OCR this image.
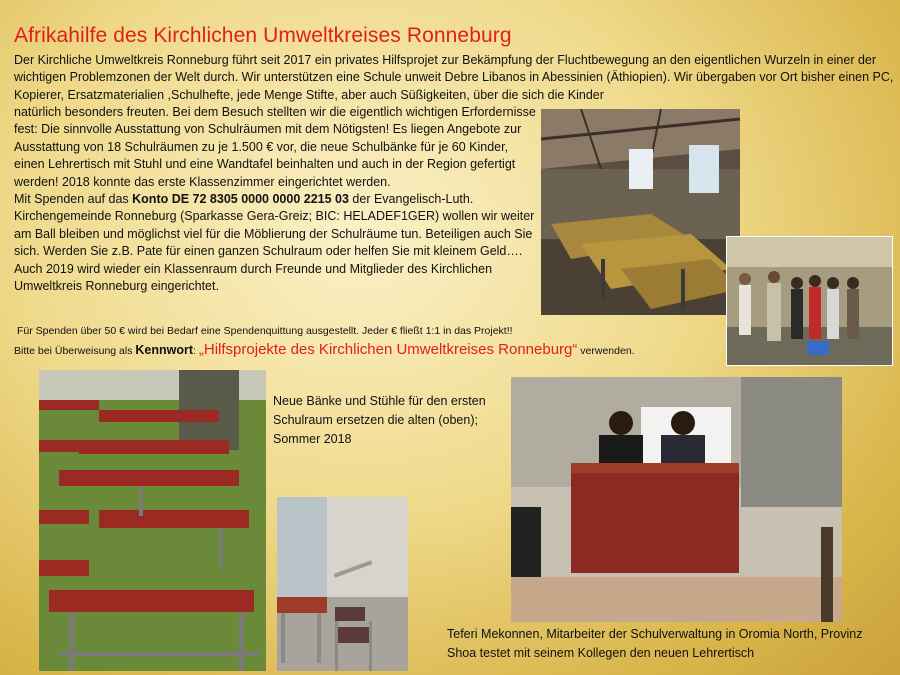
Afrikahilfe des Kirchlichen Umweltkreises Ronneburg
Der Kirchliche Umweltkreis Ronneburg führt seit 2017 ein privates Hilfsprojet zur Bekämpfung der Fluchtbewegung an den eigentlichen Wurzeln in einer der wichtigen Problemzonen der Welt durch. Wir unterstützen eine Schule unweit Debre Libanos in Abessinien (Äthiopien). Wir übergaben vor Ort bisher einen PC, Kopierer, Ersatzmaterialien ,Schulhefte, jede Menge Stifte, aber auch Süßigkeiten, über die sich die Kinder
natürlich besonders freuten. Bei dem Besuch stellten wir die eigentlich wichtigen Erfordernisse fest: Die sinnvolle Ausstattung von Schulräumen mit dem Nötigsten! Es liegen Angebote zur Ausstattung von 18 Schulräumen zu je 1.500 € vor, die neue Schulbänke für je 60 Kinder, einen Lehrertisch mit Stuhl und eine Wandtafel beinhalten und auch in der Region gefertigt werden! 2018 konnte das erste Klassenzimmer eingerichtet werden.
Mit Spenden auf das Konto DE 72 8305 0000 0000 2215 03 der Evangelisch-Luth. Kirchengemeinde Ronneburg (Sparkasse Gera-Greiz; BIC: HELADEF1GER) wollen wir weiter am Ball bleiben und möglichst viel für die Möblierung der Schulräume tun. Beteiligen auch Sie sich. Werden Sie z.B. Pate für einen ganzen Schulraum oder helfen Sie mit kleinem Geld…. Auch 2019 wird wieder ein Klassenraum durch Freunde und Mitglieder des Kirchlichen Umweltkreis Ronneburg eingerichtet.
Für Spenden über 50 € wird bei Bedarf eine Spendenquittung ausgestellt. Jeder € fließt 1:1 in das Projekt!!
Bitte bei Überweisung als Kennwort: „Hilfsprojekte des Kirchlichen Umweltkreises Ronneburg“ verwenden.
Neue Bänke und Stühle für den ersten Schulraum ersetzen die alten (oben); Sommer 2018
Teferi Mekonnen, Mitarbeiter der Schulverwaltung in Oromia North, Provinz Shoa testet mit seinem Kollegen den neuen Lehrertisch
